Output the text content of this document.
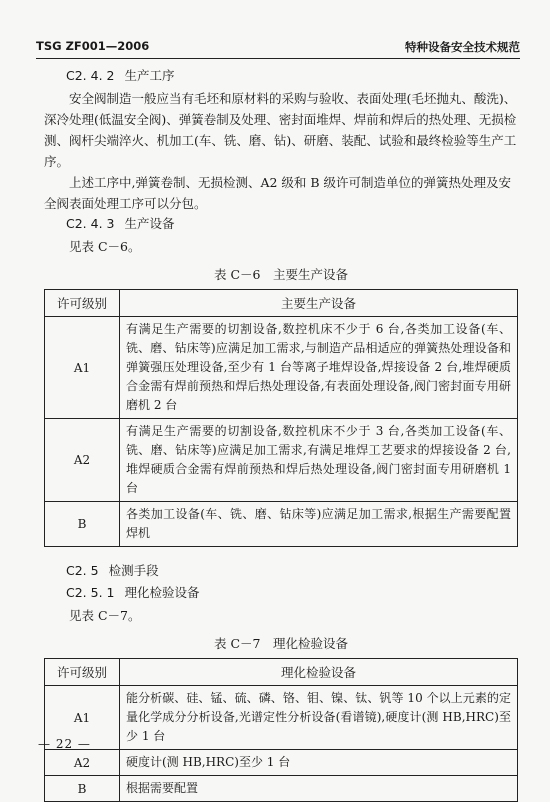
TSG ZF001—2006	特种设备安全技术规范
C2. 4. 2 生产工序

安全阀制造一般应当有毛坯和原材料的采购与验收、表面处理(毛坯抛丸、酸洗)、深冷处理(低温安全阀)、弹簧卷制及处理、密封面堆焊、焊前和焊后的热处理、无损检测、阀杆尖端淬火、机加工(车、铣、磨、钻)、研磨、装配、试验和最终检验等生产工序。

上述工序中,弹簧卷制、无损检测、A2 级和 B 级许可制造单位的弹簧热处理及安全阀表面处理工序可以分包。

C2. 4. 3 生产设备

见表 C－6。

表 C－6　主要生产设备
许可级别	主要生产设备
A1	有满足生产需要的切割设备,数控机床不少于 6 台,各类加工设备(车、铣、磨、钻床等)应满足加工需求,与制造产品相适应的弹簧热处理设备和弹簧强压处理设备,至少有 1 台等离子堆焊设备,焊接设备 2 台,堆焊硬质合金需有焊前预热和焊后热处理设备,有表面处理设备,阀门密封面专用研磨机 2 台
A2	有满足生产需要的切割设备,数控机床不少于 3 台,各类加工设备(车、铣、磨、钻床等)应满足加工需求,有满足堆焊工艺要求的焊接设备 2 台,堆焊硬质合金需有焊前预热和焊后热处理设备,阀门密封面专用研磨机 1 台
B	各类加工设备(车、铣、磨、钻床等)应满足加工需求,根据生产需要配置焊机
C2. 5 检测手段
C2. 5. 1 理化检验设备

见表 C－7。

表 C－7　理化检验设备
许可级别	理化检验设备
A1	能分析碳、硅、锰、硫、磷、铬、钼、镍、钛、钒等 10 个以上元素的定量化学成分分析设备,光谱定性分析设备(看谱镜),硬度计(测 HB,HRC)至少 1 台
A2	硬度计(测 HB,HRC)至少 1 台
B	根据需要配置
— 22 —
